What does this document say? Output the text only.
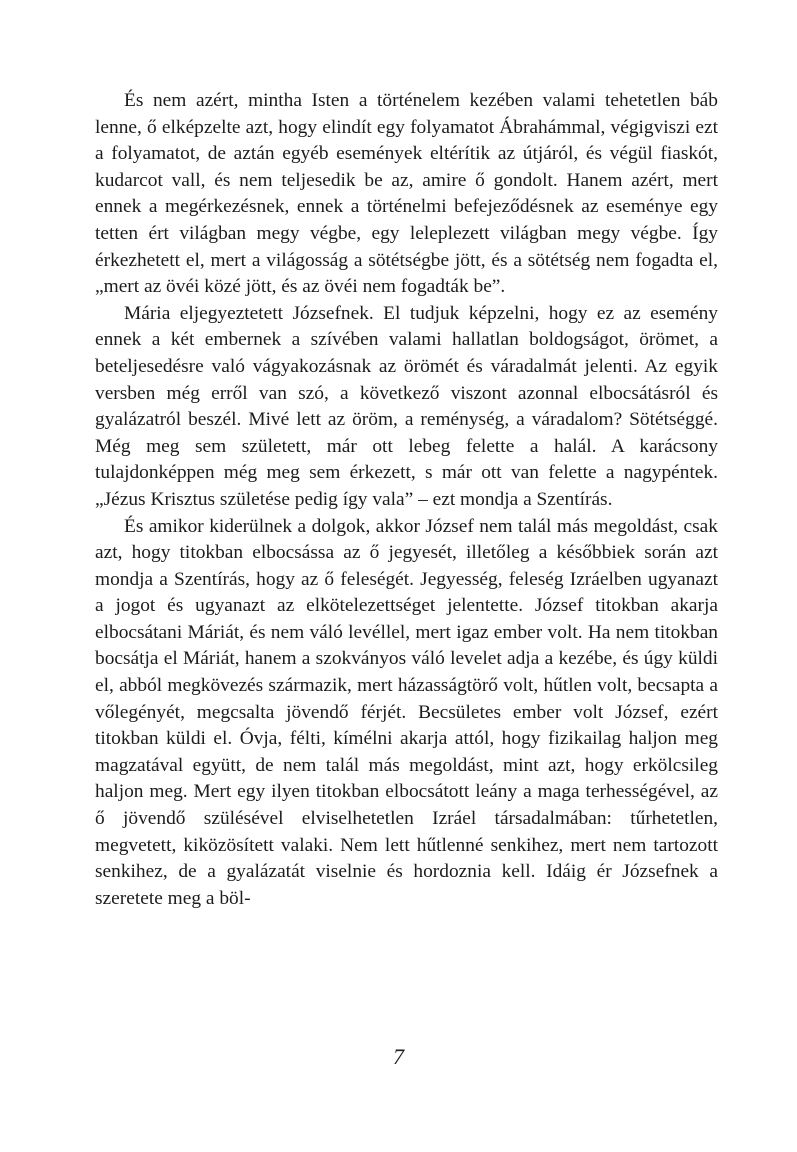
És nem azért, mintha Isten a történelem kezében valami tehetetlen báb lenne, ő elképzelte azt, hogy elindít egy folyamatot Ábrahámmal, végigviszi ezt a folyamatot, de aztán egyéb események eltérítik az útjáról, és végül fiaskót, kudarcot vall, és nem teljesedik be az, amire ő gondolt. Hanem azért, mert ennek a megérkezésnek, ennek a történelmi befejeződésnek az eseménye egy tetten ért világban megy végbe, egy leleplezett világban megy végbe. Így érkezhetett el, mert a világosság a sötétségbe jött, és a sötétség nem fogadta el, „mert az övéi közé jött, és az övéi nem fogadták be”.

Mária eljegyeztetett Józsefnek. El tudjuk képzelni, hogy ez az esemény ennek a két embernek a szívében valami hallatlan boldogságot, örömet, a beteljesedésre való vágyakozásnak az örömét és váradalmát jelenti. Az egyik versben még erről van szó, a következő viszont azonnal elbocsátásról és gyalázatról beszél. Mivé lett az öröm, a reménység, a váradalom? Sötétséggé. Még meg sem született, már ott lebeg felette a halál. A karácsony tulajdonképpen még meg sem érkezett, s már ott van felette a nagypéntek. „Jézus Krisztus születése pedig így vala” – ezt mondja a Szentírás.

És amikor kiderülnek a dolgok, akkor József nem talál más megoldást, csak azt, hogy titokban elbocsássa az ő jegyesét, illetőleg a későbbiek során azt mondja a Szentírás, hogy az ő feleségét. Jegyesség, feleség Izráelben ugyanazt a jogot és ugyanazt az elkötelezettséget jelentette. József titokban akarja elbocsátani Máriát, és nem váló levéllel, mert igaz ember volt. Ha nem titokban bocsátja el Máriát, hanem a szokványos váló levelet adja a kezébe, és úgy küldi el, abból megkövezés származik, mert házasságtörő volt, hűtlen volt, becsapta a vőlegényét, megcsalta jövendő férjét. Becsületes ember volt József, ezért titokban küldi el. Óvja, félti, kímélni akarja attól, hogy fizikailag haljon meg magzatával együtt, de nem talál más megoldást, mint azt, hogy erkölcsileg haljon meg. Mert egy ilyen titokban elbocsátott leány a maga terhességével, az ő jövendő szülésével elviselhetetlen Izráel társadalmában: tűrhetetlen, megvetett, kiközösített valaki. Nem lett hűtlenné senkihez, mert nem tartozott senkihez, de a gyalázatát viselnie és hordoznia kell. Idáig ér Józsefnek a szeretete meg a böl-

7
